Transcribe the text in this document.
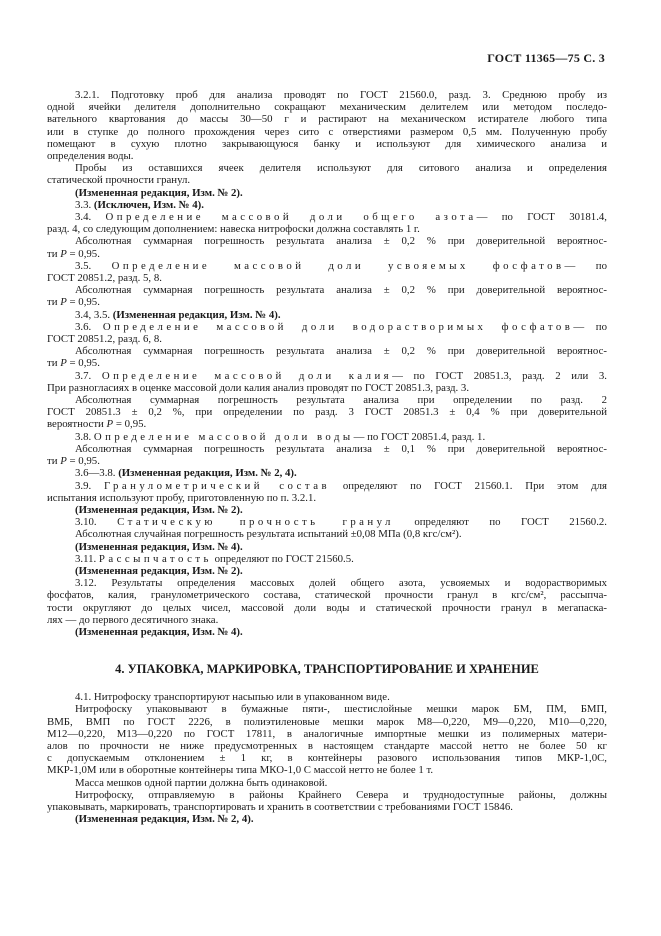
ГОСТ 11365—75 С. 3
3.2.1. Подготовку проб для анализа проводят по ГОСТ 21560.0, разд. 3. Среднюю пробу из
одной ячейки делителя дополнительно сокращают механическим делителем или методом последо-
вательного квартования до массы 30—50 г и растирают на механическом истирателе любого типа
или в ступке до полного прохождения через сито с отверстиями размером 0,5 мм. Полученную пробу
помещают в сухую плотно закрывающуюся банку и используют для химического анализа и
определения воды.
Пробы из оставшихся ячеек делителя используют для ситового анализа и определения
статической прочности гранул.
(Измененная редакция, Изм. № 2).
3.3. (Исключен, Изм. № 4).
3.4. Определение массовой доли общего азота— по ГОСТ 30181.4,
разд. 4, со следующим дополнением: навеска нитрофоски должна составлять 1 г.
Абсолютная суммарная погрешность результата анализа ± 0,2 % при доверительной вероятнос-
ти Р = 0,95.
3.5. Определение массовой доли усвояемых фосфатов— по
ГОСТ 20851.2, разд. 5, 8.
Абсолютная суммарная погрешность результата анализа ± 0,2 % при доверительной вероятнос-
ти Р = 0,95.
3.4, 3.5. (Измененная редакция, Изм. № 4).
3.6. Определение массовой доли водорастворимых фосфатов— по
ГОСТ 20851.2, разд. 6, 8.
Абсолютная суммарная погрешность результата анализа ± 0,2 % при доверительной вероятнос-
ти Р = 0,95.
3.7. Определение массовой доли калия— по ГОСТ 20851.3, разд. 2 или 3.
При разногласиях в оценке массовой доли калия анализ проводят по ГОСТ 20851.3, разд. 3.
Абсолютная суммарная погрешность результата анализа при определении по разд. 2
ГОСТ 20851.3 ± 0,2 %, при определении по разд. 3 ГОСТ 20851.3 ± 0,4 % при доверительной
вероятности Р = 0,95.
3.8. Определение массовой доли воды— по ГОСТ 20851.4, разд. 1.
Абсолютная суммарная погрешность результата анализа ± 0,1 % при доверительной вероятнос-
ти Р = 0,95.
3.6—3.8. (Измененная редакция, Изм. № 2, 4).
3.9. Гранулометрический состав определяют по ГОСТ 21560.1. При этом для
испытания используют пробу, приготовленную по п. 3.2.1.
(Измененная редакция, Изм. № 2).
3.10. Статическую прочность гранул определяют по ГОСТ 21560.2.
Абсолютная случайная погрешность результата испытаний ±0,08 МПа (0,8 кгс/см²).
(Измененная редакция, Изм. № 4).
3.11. Рассыпчатость определяют по ГОСТ 21560.5.
(Измененная редакция, Изм. № 2).
3.12. Результаты определения массовых долей общего азота, усвояемых и водорастворимых
фосфатов, калия, гранулометрического состава, статической прочности гранул в кгс/см², рассыпча-
тости округляют до целых чисел, массовой доли воды и статической прочности гранул в мегапаска-
лях — до первого десятичного знака.
(Измененная редакция, Изм. № 4).
4. УПАКОВКА, МАРКИРОВКА, ТРАНСПОРТИРОВАНИЕ И ХРАНЕНИЕ
4.1. Нитрофоску транспортируют насыпью или в упакованном виде.
Нитрофоску упаковывают в бумажные пяти-, шестислойные мешки марок БМ, ПМ, БМП,
ВМБ, ВМП по ГОСТ 2226, в полиэтиленовые мешки марок М8—0,220, М9—0,220, М10—0,220,
М12—0,220, М13—0,220 по ГОСТ 17811, в аналогичные импортные мешки из полимерных матери-
алов по прочности не ниже предусмотренных в настоящем стандарте массой нетто не более 50 кг
с допускаемым отклонением ± 1 кг, в контейнеры разового использования типов МКР-1,0С,
МКР-1,0М или в оборотные контейнеры типа МКО-1,0 С массой нетто не более 1 т.
Масса мешков одной партии должна быть одинаковой.
Нитрофоску, отправляемую в районы Крайнего Севера и труднодоступные районы, должны
упаковывать, маркировать, транспортировать и хранить в соответствии с требованиями ГОСТ 15846.
(Измененная редакция, Изм. № 2, 4).
